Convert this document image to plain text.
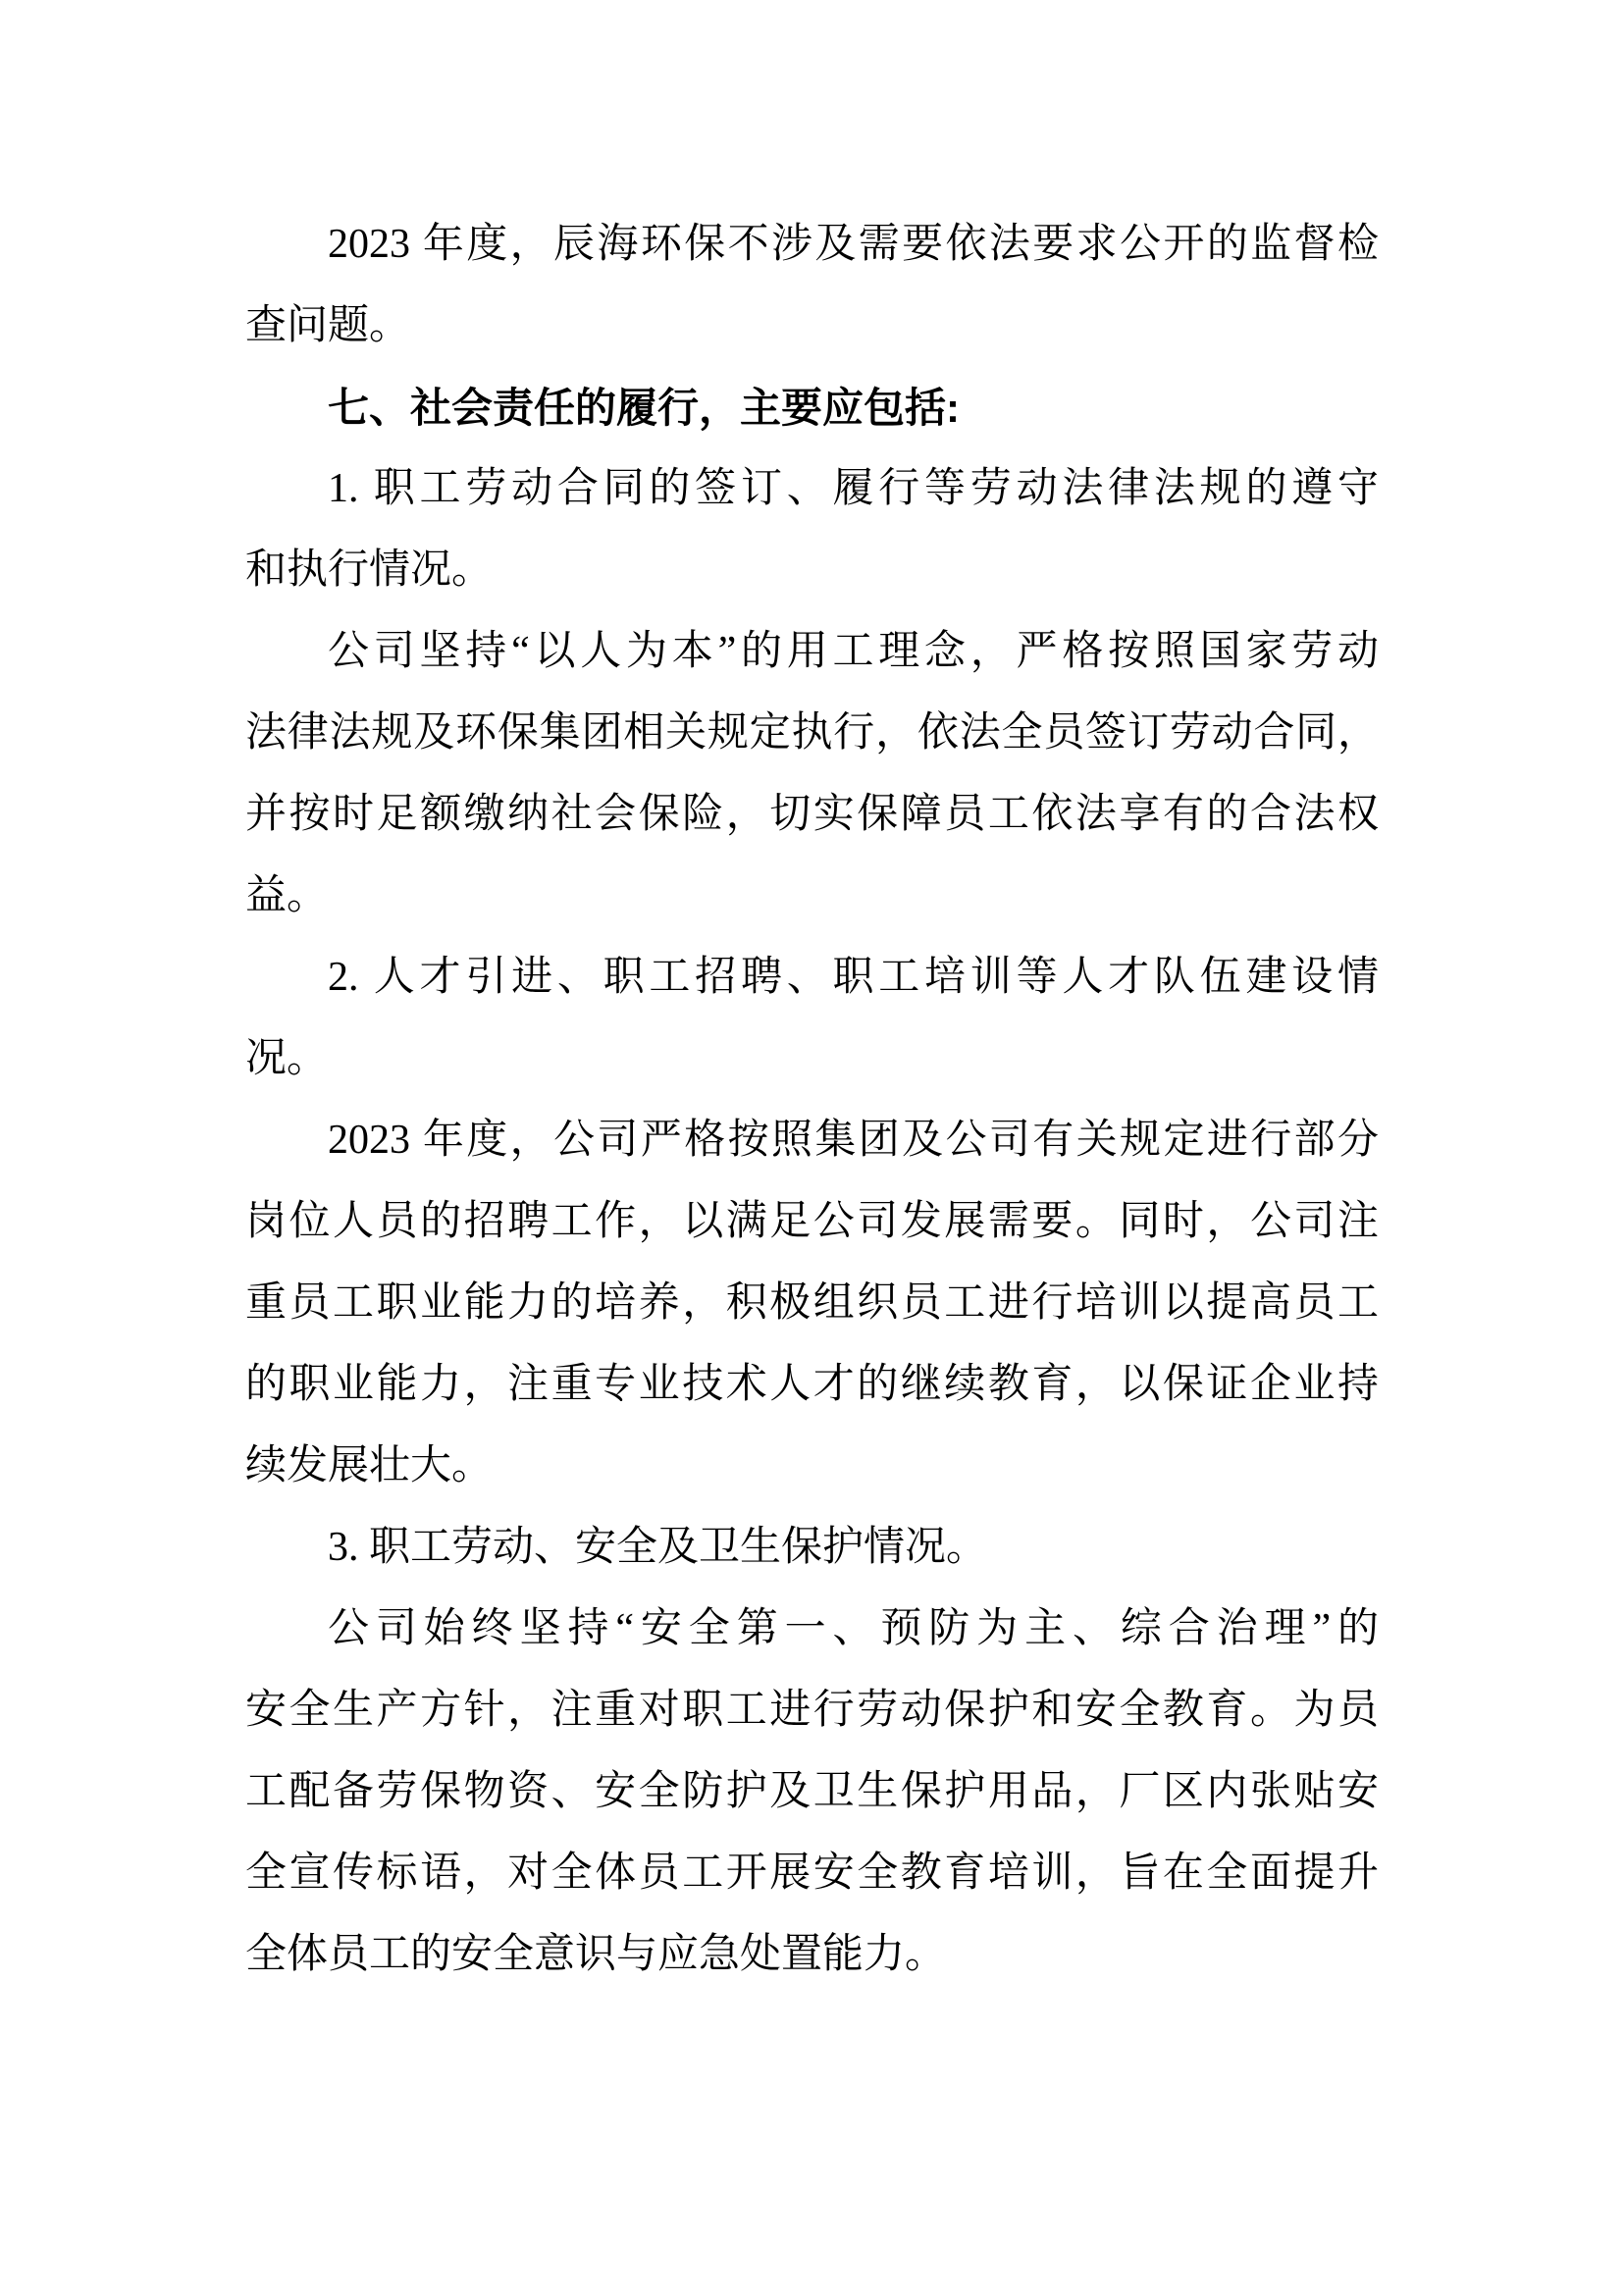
2023 年度，辰海环保不涉及需要依法要求公开的监督检
查问题。
七、社会责任的履行，主要应包括:
1. 职工劳动合同的签订、履行等劳动法律法规的遵守
和执行情况。
公司坚持“以人为本”的用工理念，严格按照国家劳动
法律法规及环保集团相关规定执行，依法全员签订劳动合同，
并按时足额缴纳社会保险，切实保障员工依法享有的合法权
益。
2. 人才引进、职工招聘、职工培训等人才队伍建设情
况。
2023 年度，公司严格按照集团及公司有关规定进行部分
岗位人员的招聘工作，以满足公司发展需要。同时，公司注
重员工职业能力的培养，积极组织员工进行培训以提高员工
的职业能力，注重专业技术人才的继续教育，以保证企业持
续发展壮大。
3. 职工劳动、安全及卫生保护情况。
公司始终坚持“安全第一、预防为主、综合治理”的
安全生产方针，注重对职工进行劳动保护和安全教育。为员
工配备劳保物资、安全防护及卫生保护用品，厂区内张贴安
全宣传标语，对全体员工开展安全教育培训，旨在全面提升
全体员工的安全意识与应急处置能力。
